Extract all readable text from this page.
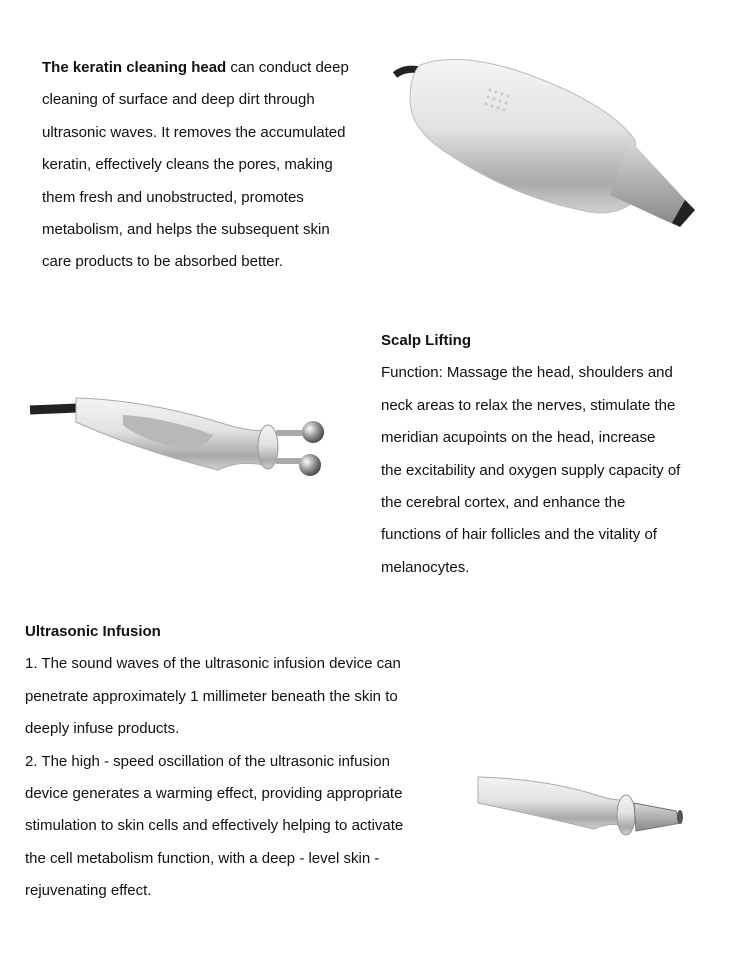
The keratin cleaning head can conduct deep

cleaning of surface and deep dirt through

ultrasonic waves. It removes the accumulated

keratin, effectively cleans the pores, making

them fresh and unobstructed, promotes

metabolism, and helps the subsequent skin

care products to be absorbed better.

Scalp Lifting

Function: Massage the head, shoulders and

neck areas to relax the nerves, stimulate the

meridian acupoints on the head, increase

the excitability and oxygen supply capacity of

the cerebral cortex, and enhance the

functions of hair follicles and the vitality of

melanocytes.

Ultrasonic Infusion

1. The sound waves of the ultrasonic infusion device can

penetrate approximately 1 millimeter beneath the skin to

deeply infuse products.

2. The high - speed oscillation of the ultrasonic infusion

device generates a warming effect, providing appropriate

stimulation to skin cells and effectively helping to activate

the cell metabolism function, with a deep - level skin -

rejuvenating effect.
